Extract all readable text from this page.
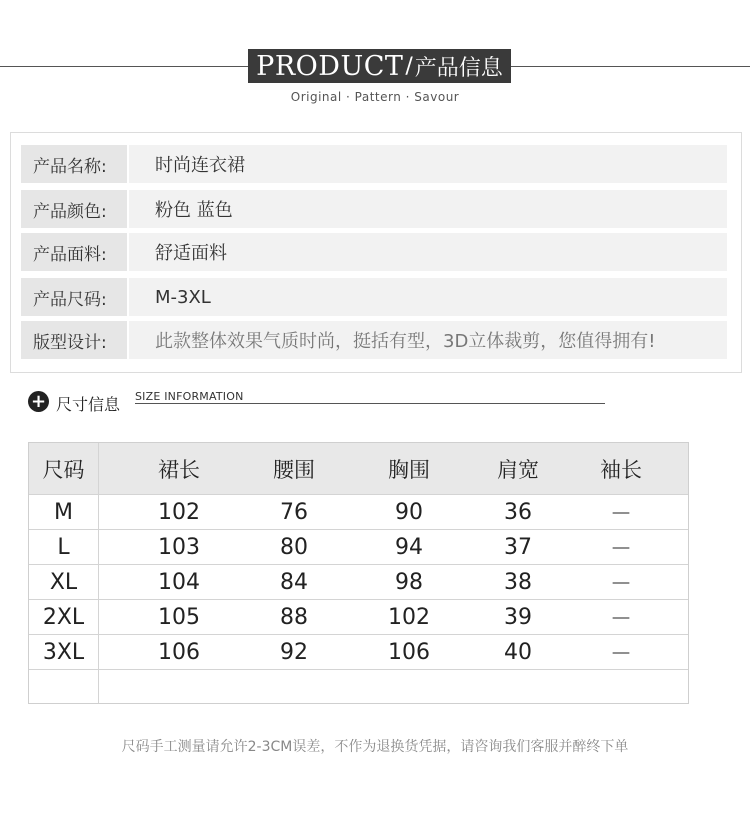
PRODUCT / 产品信息
Original · Pattern · Savour
产品名称:	时尚连衣裙
产品颜色:	粉色 蓝色
产品面料:	舒适面料
产品尺码:	M-3XL
版型设计:	此款整体效果气质时尚，挺括有型，3D立体裁剪，您值得拥有!
+ 尺寸信息 SIZE INFORMATION
尺码	裙长	腰围	胸围	肩宽	袖长
M	102	76	90	36	－
L	103	80	94	37	－
XL	104	84	98	38	－
2XL	105	88	102	39	－
3XL	106	92	106	40	－
尺码手工测量请允许2-3CM误差，不作为退换货凭据，请咨询我们客服并醉终下单
